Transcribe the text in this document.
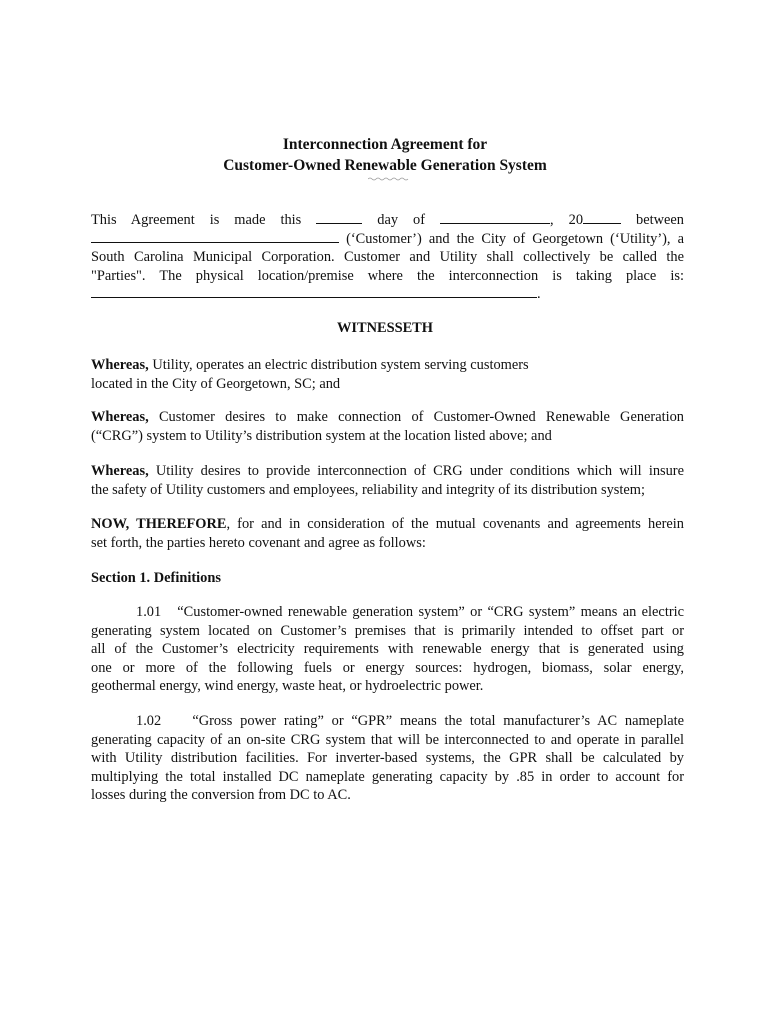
Interconnection Agreement for

Customer-Owned Renewable Generation System

This Agreement is made this	day of	, 20	between
(‘Customer’) and the City of Georgetown (‘Utility’), a
South Carolina Municipal Corporation. Customer and Utility shall collectively be called the
"Parties". The physical location/premise where the interconnection is taking place is:
.

WITNESSETH

Whereas, Utility, operates an electric distribution system serving customers
located in the City of Georgetown, SC; and
Whereas, Customer desires to make connection of Customer-Owned Renewable Generation
(“CRG”) system to Utility’s distribution system at the location listed above; and
Whereas, Utility desires to provide interconnection of CRG under conditions which will insure
the safety of Utility customers and employees, reliability and integrity of its distribution system;
NOW, THEREFORE, for and in consideration of the mutual covenants and agreements herein
set forth, the parties hereto covenant and agree as follows:

Section 1. Definitions

1.01 “Customer-owned renewable generation system” or “CRG system” means an electric
generating system located on Customer’s premises that is primarily intended to offset part or
all of the Customer’s electricity requirements with renewable energy that is generated using
one or more of the following fuels or energy sources: hydrogen, biomass, solar energy,
geothermal energy, wind energy, waste heat, or hydroelectric power.
1.02 “Gross power rating” or “GPR” means the total manufacturer’s AC nameplate
generating capacity of an on-site CRG system that will be interconnected to and operate in parallel
with Utility distribution facilities. For inverter-based systems, the GPR shall be calculated by
multiplying the total installed DC nameplate generating capacity by .85 in order to account for
losses during the conversion from DC to AC.
